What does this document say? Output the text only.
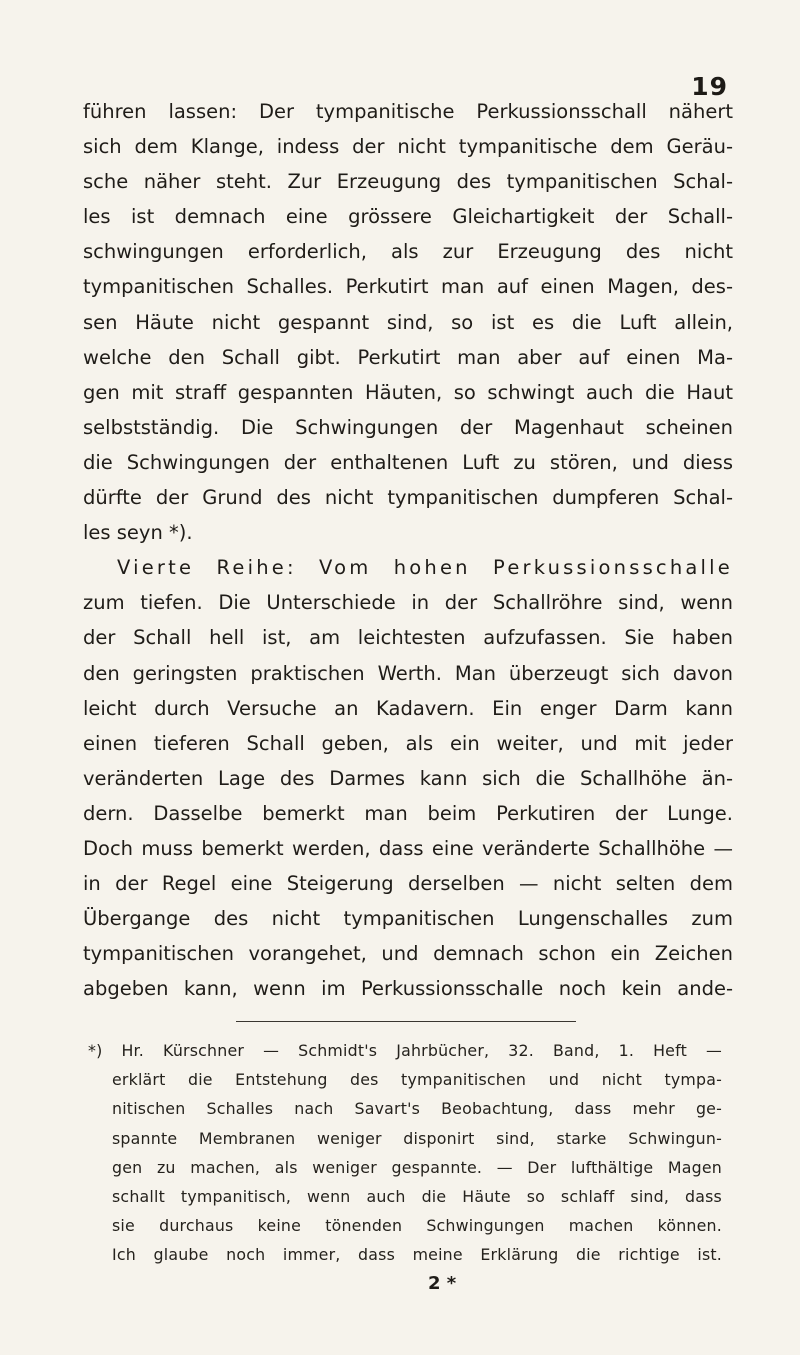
19
führen lassen: Der tympanitische Perkussionsschall nähert
sich dem Klange, indess der nicht tympanitische dem Geräu-
sche näher steht. Zur Erzeugung des tympanitischen Schal-
les ist demnach eine grössere Gleichartigkeit der Schall-
schwingungen erforderlich, als zur Erzeugung des nicht
tympanitischen Schalles. Perkutirt man auf einen Magen, des-
sen Häute nicht gespannt sind, so ist es die Luft allein,
welche den Schall gibt. Perkutirt man aber auf einen Ma-
gen mit straff gespannten Häuten, so schwingt auch die Haut
selbstständig. Die Schwingungen der Magenhaut scheinen
die Schwingungen der enthaltenen Luft zu stören, und diess
dürfte der Grund des nicht tympanitischen dumpferen Schal-
les seyn *).
Vierte Reihe: Vom hohen Perkussionsschalle
zum tiefen. Die Unterschiede in der Schallröhre sind, wenn
der Schall hell ist, am leichtesten aufzufassen. Sie haben
den geringsten praktischen Werth. Man überzeugt sich davon
leicht durch Versuche an Kadavern. Ein enger Darm kann
einen tieferen Schall geben, als ein weiter, und mit jeder
veränderten Lage des Darmes kann sich die Schallhöhe än-
dern. Dasselbe bemerkt man beim Perkutiren der Lunge.
Doch muss bemerkt werden, dass eine veränderte Schallhöhe —
in der Regel eine Steigerung derselben — nicht selten dem
Übergange des nicht tympanitischen Lungenschalles zum
tympanitischen vorangehet, und demnach schon ein Zeichen
abgeben kann, wenn im Perkussionsschalle noch kein ande-
*) Hr. Kürschner — Schmidt's Jahrbücher, 32. Band, 1. Heft —
erklärt die Entstehung des tympanitischen und nicht tympa-
nitischen Schalles nach Savart's Beobachtung, dass mehr ge-
spannte Membranen weniger disponirt sind, starke Schwingun-
gen zu machen, als weniger gespannte. — Der lufthältige Magen
schallt tympanitisch, wenn auch die Häute so schlaff sind, dass
sie durchaus keine tönenden Schwingungen machen können.
Ich glaube noch immer, dass meine Erklärung die richtige ist.
2 *
